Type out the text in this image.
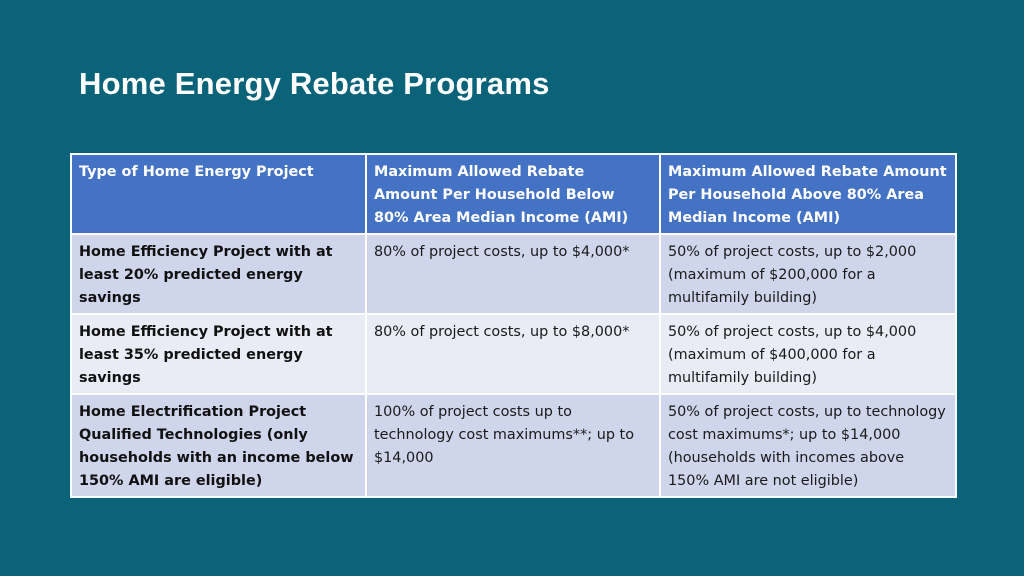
Home Energy Rebate Programs
Type of Home Energy Project	Maximum Allowed Rebate Amount Per Household Below 80% Area Median Income (AMI)	Maximum Allowed Rebate Amount Per Household Above 80% Area Median Income (AMI)
Home Efficiency Project with at least 20% predicted energy savings	80% of project costs, up to $4,000*	50% of project costs, up to $2,000 (maximum of $200,000 for a multifamily building)
Home Efficiency Project with at least 35% predicted energy savings	80% of project costs, up to $8,000*	50% of project costs, up to $4,000 (maximum of $400,000 for a multifamily building)
Home Electrification Project Qualified Technologies (only households with an income below 150% AMI are eligible)	100% of project costs up to technology cost maximums**; up to $14,000	50% of project costs, up to technology cost maximums*; up to $14,000 (households with incomes above 150% AMI are not eligible)
